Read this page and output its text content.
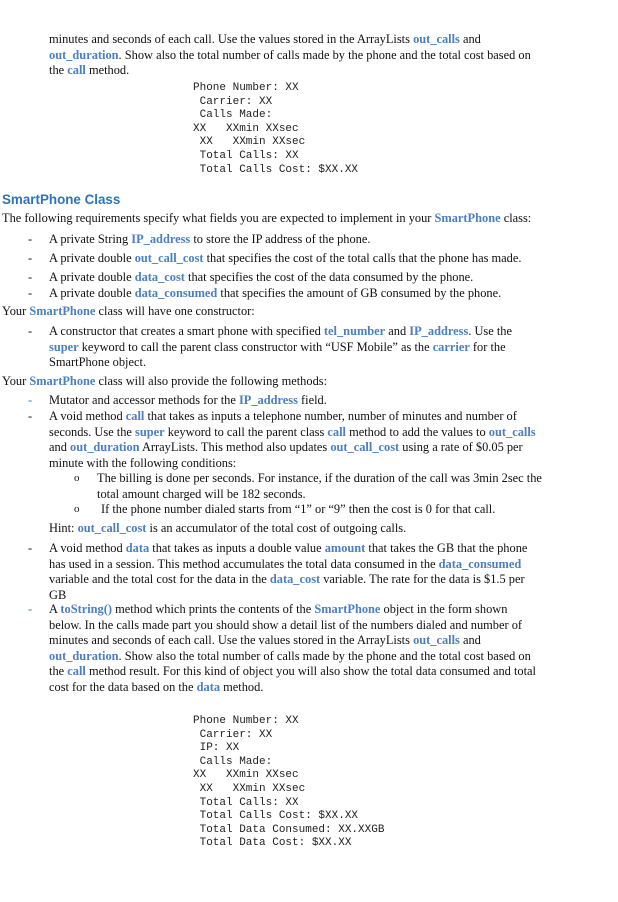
minutes and seconds of each call. Use the values stored in the ArrayLists out_calls and
out_duration. Show also the total number of calls made by the phone and the total cost based on
the call method.
Phone Number: XX
Carrier: XX
Calls Made:
XX   XXmin XXsec
XX   XXmin XXsec
Total Calls: XX
Total Calls Cost: $XX.XX
SmartPhone Class
The following requirements specify what fields you are expected to implement in your SmartPhone class:
- A private String IP_address to store the IP address of the phone.
- A private double out_call_cost that specifies the cost of the total calls that the phone has made.
- A private double data_cost that specifies the cost of the data consumed by the phone.
- A private double data_consumed that specifies the amount of GB consumed by the phone.
Your SmartPhone class will have one constructor:
- A constructor that creates a smart phone with specified tel_number and IP_address. Use the
super keyword to call the parent class constructor with “USF Mobile” as the carrier for the
SmartPhone object.
Your SmartPhone class will also provide the following methods:
- Mutator and accessor methods for the IP_address field.
- A void method call that takes as inputs a telephone number, number of minutes and number of
seconds. Use the super keyword to call the parent class call method to add the values to out_calls
and out_duration ArrayLists. This method also updates out_call_cost using a rate of $0.05 per
minute with the following conditions:
o The billing is done per seconds. For instance, if the duration of the call was 3min 2sec the
total amount charged will be 182 seconds.
o If the phone number dialed starts from “1” or “9” then the cost is 0 for that call.
Hint: out_call_cost is an accumulator of the total cost of outgoing calls.
- A void method data that takes as inputs a double value amount that takes the GB that the phone
has used in a session. This method accumulates the total data consumed in the data_consumed
variable and the total cost for the data in the data_cost variable. The rate for the data is $1.5 per
GB
- A toString() method which prints the contents of the SmartPhone object in the form shown
below. In the calls made part you should show a detail list of the numbers dialed and number of
minutes and seconds of each call. Use the values stored in the ArrayLists out_calls and
out_duration. Show also the total number of calls made by the phone and the total cost based on
the call method result. For this kind of object you will also show the total data consumed and total
cost for the data based on the data method.
Phone Number: XX
Carrier: XX
IP: XX
Calls Made:
XX   XXmin XXsec
XX   XXmin XXsec
Total Calls: XX
Total Calls Cost: $XX.XX
Total Data Consumed: XX.XXGB
Total Data Cost: $XX.XX
